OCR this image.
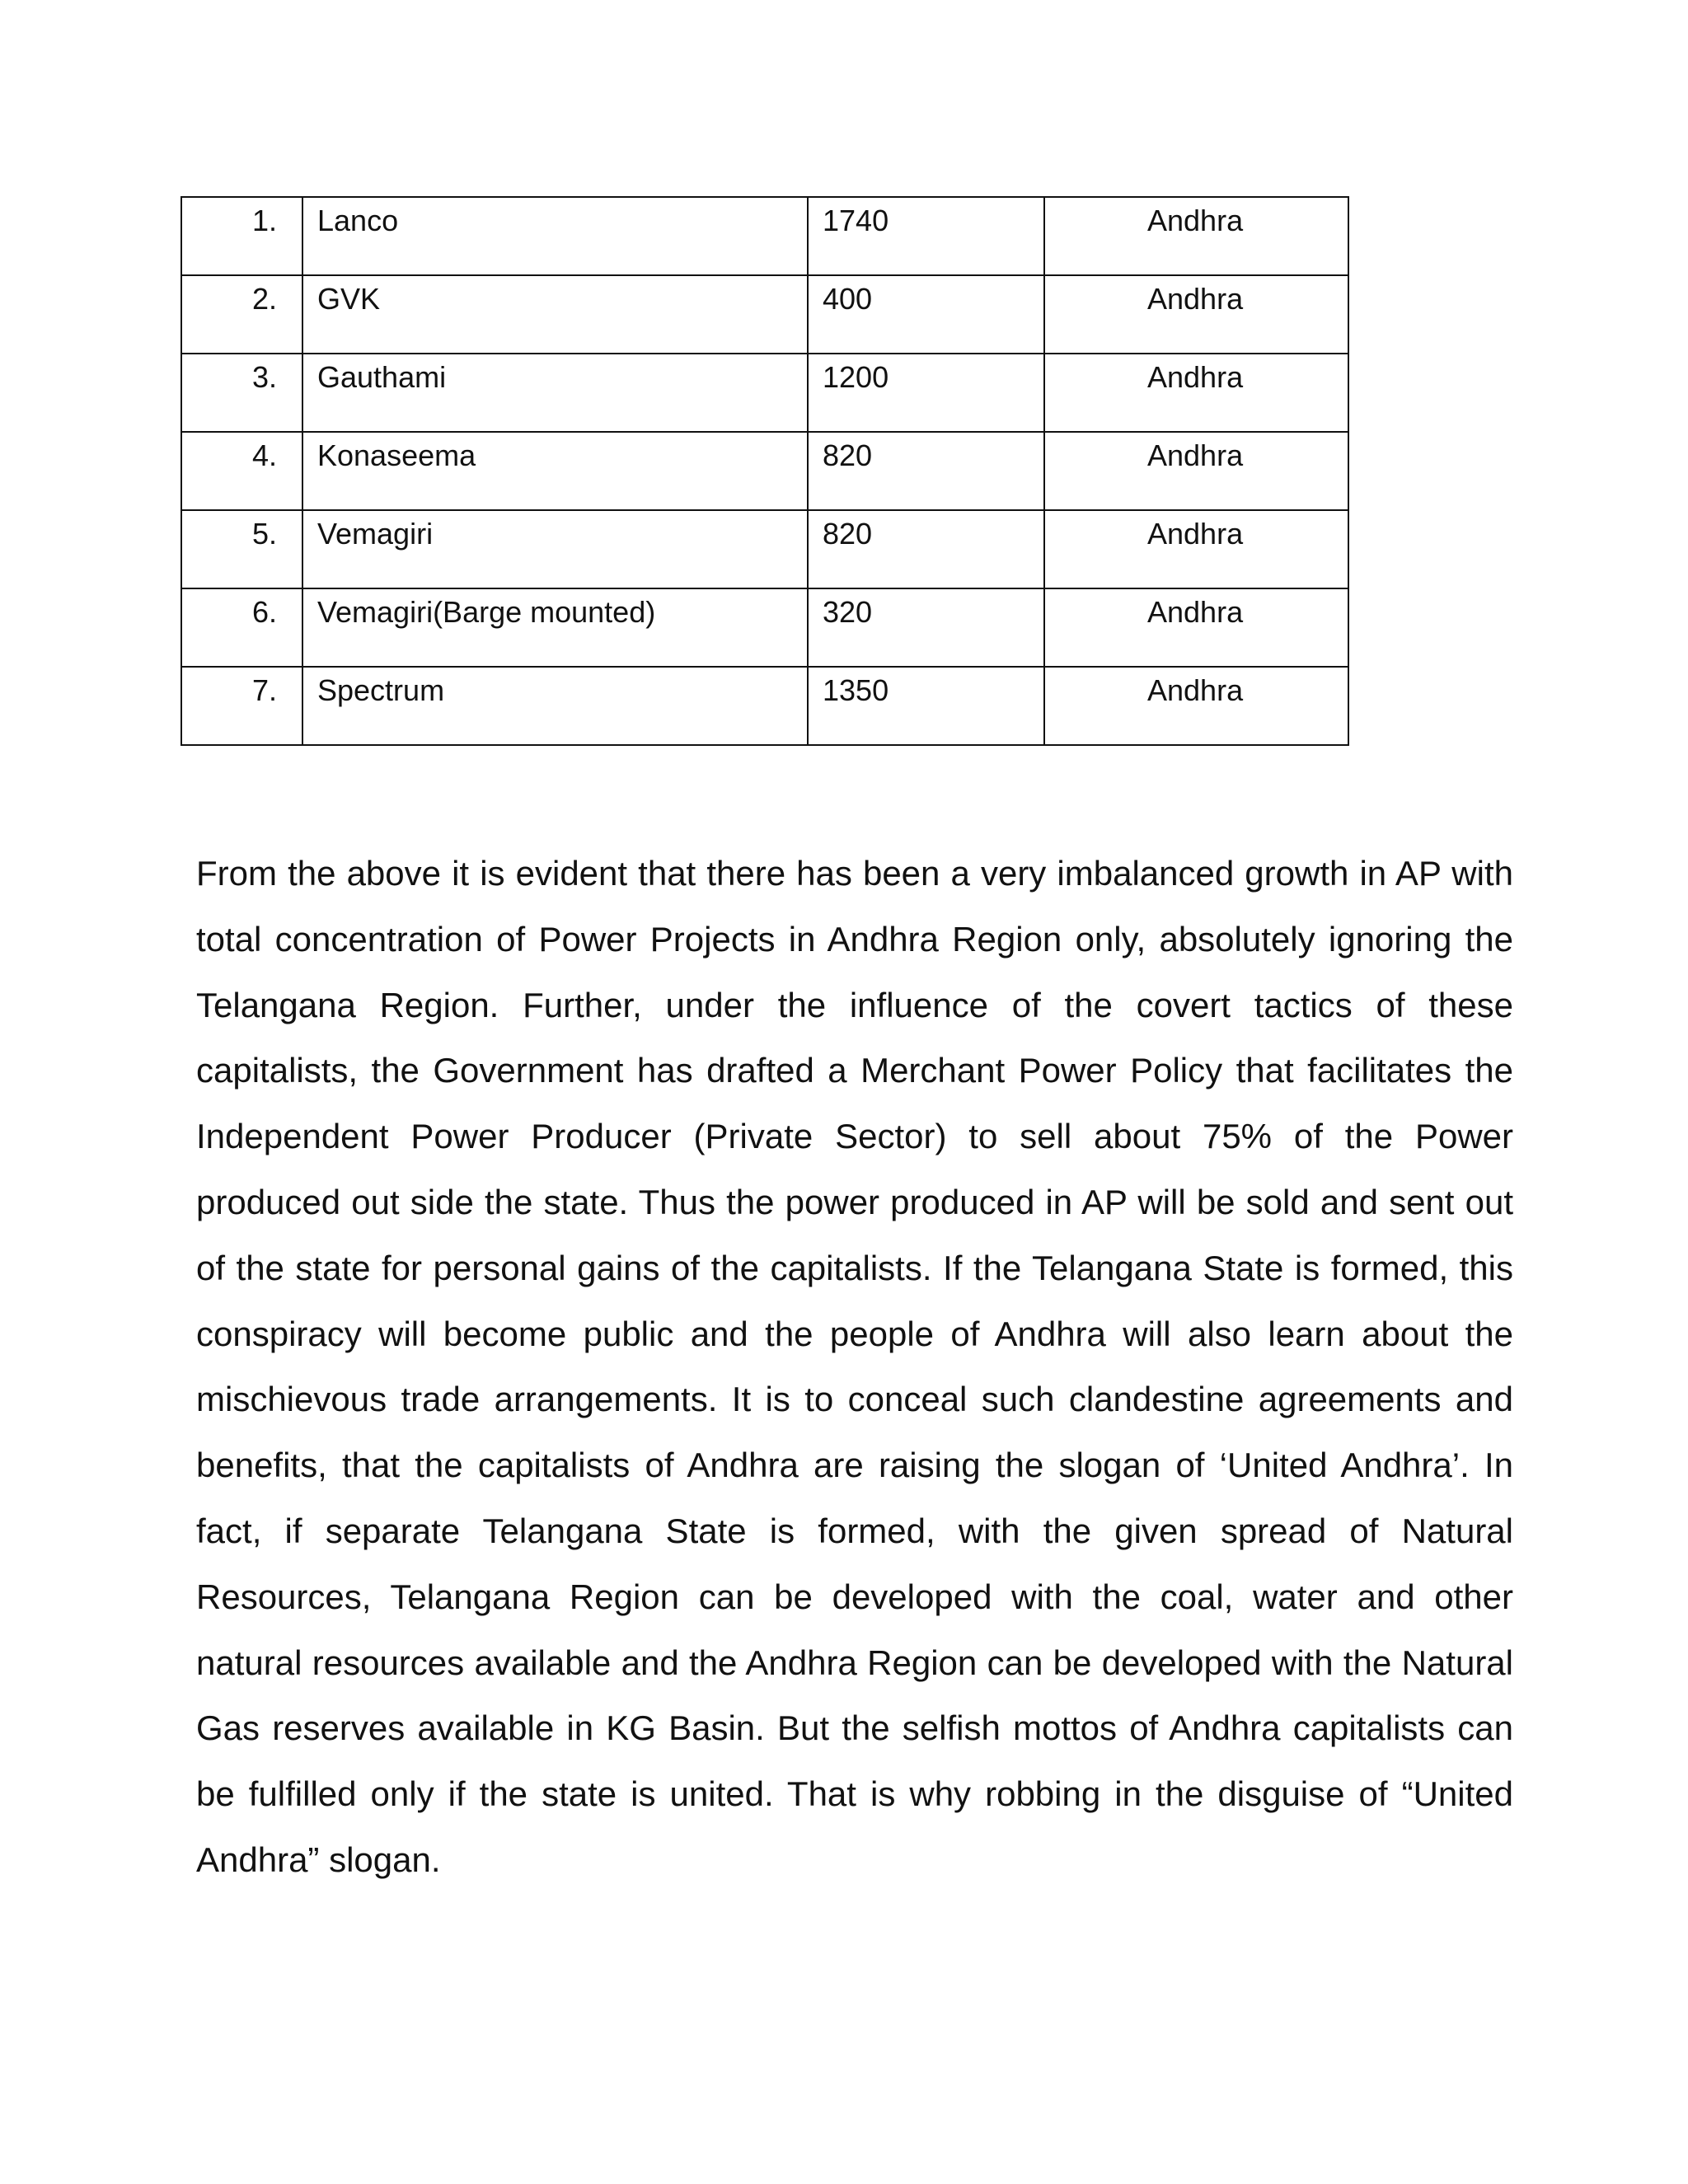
1.	Lanco	1740	Andhra
2.	GVK	400	Andhra
3.	Gauthami	1200	Andhra
4.	Konaseema	820	Andhra
5.	Vemagiri	820	Andhra
6.	Vemagiri(Barge mounted)	320	Andhra
7.	Spectrum	1350	Andhra

From the above it is evident that there has been a very imbalanced growth in AP with total concentration of Power Projects in Andhra Region only, absolutely ignoring the Telangana Region. Further, under the influence of the covert tactics of these capitalists, the Government has drafted a Merchant Power Policy that facilitates the Independent Power Producer (Private Sector) to sell about 75% of the Power produced out side the state. Thus the power produced in AP will be sold and sent out of the state for personal gains of the capitalists. If the Telangana State is formed, this conspiracy will become public and the people of Andhra will also learn about the mischievous trade arrangements. It is to conceal such clandestine agreements and benefits, that the capitalists of Andhra are raising the slogan of ‘United Andhra’. In fact, if separate Telangana State is formed, with the given spread of Natural Resources, Telangana Region can be developed with the coal, water and other natural resources available and the Andhra Region can be developed with the Natural Gas reserves available in KG Basin. But the selfish mottos of Andhra capitalists can be fulfilled only if the state is united. That is why robbing in the disguise of “United Andhra” slogan.
